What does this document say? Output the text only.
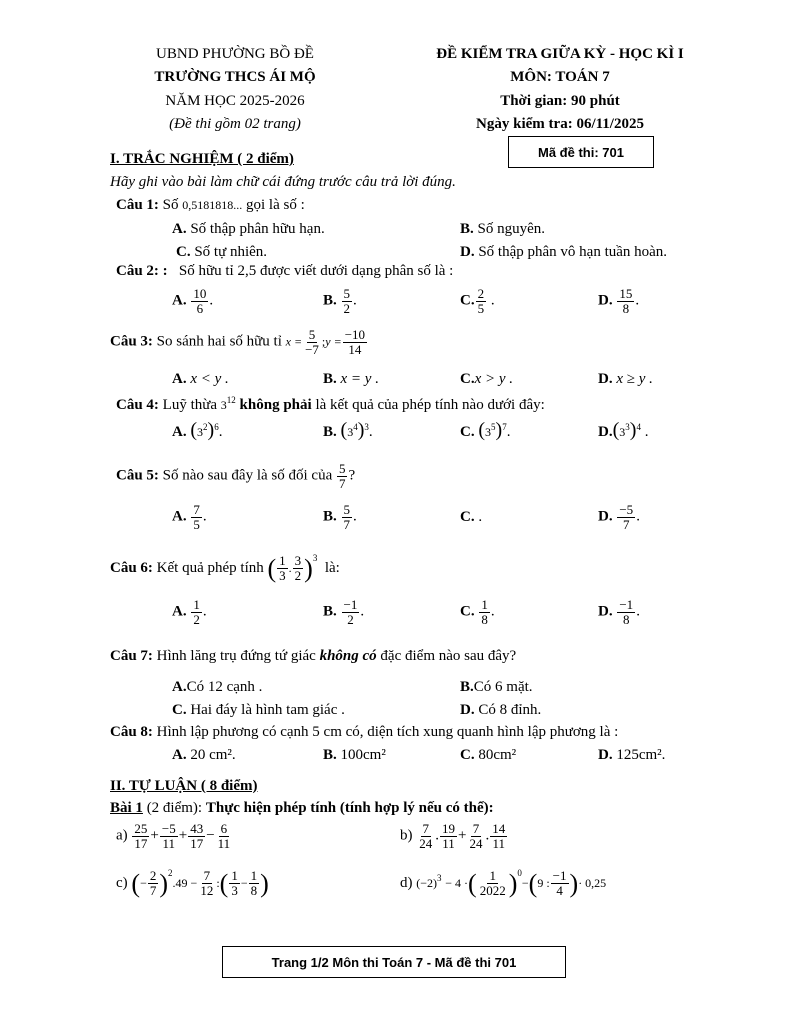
UBND PHƯỜNG BỒ ĐỀ
TRƯỜNG THCS ÁI MỘ
NĂM HỌC 2025-2026
(Đề thi gồm 02 trang)
ĐỀ KIỂM TRA GIỮA KỲ - HỌC KÌ I
MÔN: TOÁN 7
Thời gian: 90 phút
Ngày kiểm tra: 06/11/2025
Mã đề thi: 701
I. TRẮC NGHIỆM ( 2 điểm)
Hãy ghi vào bài làm chữ cái đứng trước câu trả lời đúng.
Câu 1: Số 0,5181818... gọi là số :
A. Số thập phân hữu hạn.	B. Số nguyên.
C. Số tự nhiên.	D. Số thập phân vô hạn tuần hoàn.
Câu 2: : Số hữu tỉ 2,5 được viết dưới dạng phân số là :
A. $\frac{10}{6}$ .	B. $\frac{5}{2}$ .	C. $\frac{2}{5}$ .	D. $\frac{15}{8}$ .
Câu 3: So sánh hai số hữu tỉ $x = \frac{5}{-7}$ ;y = $\frac{-10}{14}$
A. x < y .	B. x = y .	C.x > y .	D. x ≥ y .
Câu 4: Luỹ thừa $3^{12}$ không phải là kết quả của phép tính nào dưới đây:
A. $(3^2)^6$.	B. $(3^4)^3$.	C. $(3^5)^7$.	$D.(3^3)^4$ .
Câu 5: Số nào sau đây là số đối của $\frac{5}{7}$ ?
A. $\frac{7}{5}$ .	B. $\frac{5}{7}$ .	C. .	D. $\frac{-5}{7}$ .
Câu 6: Kết quả phép tính ( $\frac{1}{3}$ . $\frac{3}{2} )^3$  là:
A. $\frac{1}{2}$ .	B. $\frac{-1}{2}$ .	C. $\frac{1}{8}$ .	D. $\frac{-1}{8}$ .
Câu 7: Hình lăng trụ đứng tứ giác không có đặc điểm nào sau đây?
A.Có 12 cạnh .	B.Có 6 mặt.
C. Hai đáy là hình tam giác .	D. Có 8 đỉnh.
Câu 8: Hình lập phương có cạnh 5 cm có, diện tích xung quanh hình lập phương là :
A. 20 cm².	B. 100cm²	C. 80cm²	D. 125cm².
II. TỰ LUẬN ( 8 điểm)
Bài 1 (2 điểm): Thực hiện phép tính (tính hợp lý nếu có thể):
$a) \frac{25}{17} + \frac{-5}{11} + \frac{43}{17} - \frac{6}{11}$	$b) \frac{7}{24}$ . $\frac{19}{11} + \frac{7}{24}$ . $\frac{14}{11}$
c) (− $\frac{2}{7} )^2.49 - \frac{7}{12}$ :( $\frac{1}{3} - \frac{1}{8}$ )	d) $(-2)^3 - 4$ ·( $\frac{1}{2022} )^0-(9$ : $\frac{-1}{4}$ )· 0,25
Trang 1/2 Môn thi Toán 7 - Mã đề thi 701
